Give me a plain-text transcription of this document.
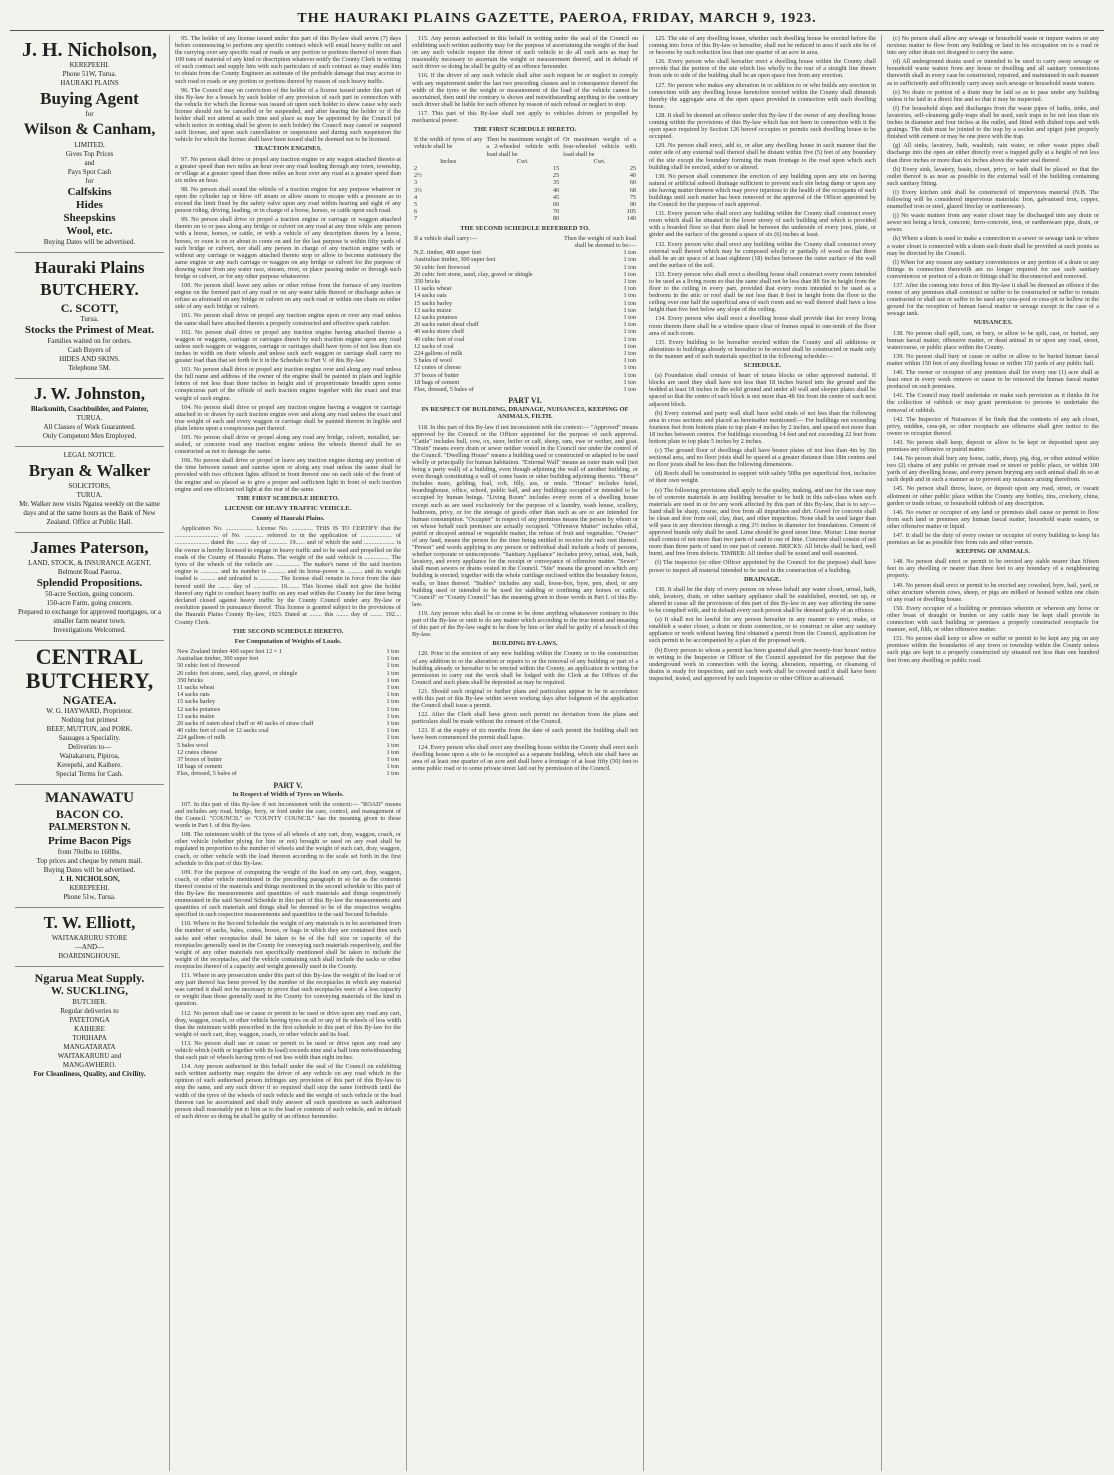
THE HAURAKI PLAINS GAZETTE, PAEROA, FRIDAY, MARCH 9, 1923.
J. H. Nicholson,
KEREPEEHI.
Phone 51W, Turua.
HAURAKI PLAINS
Buying Agent
for
Wilson & Canham,
LIMITED,
Gives Top Prices
and
Pays Spot Cash
for
Calfskins
Hides
Sheepskins
Wool, etc.
Buying Dates will be advertised.
Hauraki Plains
BUTCHERY.
C. SCOTT,
Turua.
Stocks the Primest of Meat.
Families waited on for orders.
Cash Buyers of
HIDES AND SKINS.
Telephone 5M.
J. W. Johnston,
Blacksmith, Coachbuilder, and Painter,
TURUA.
All Classes of Work Guaranteed.
Only Competent Men Employed.
LEGAL NOTICE.
Bryan & Walker
SOLICITORS,
TURUA.
Mr. Walker now visits Ngatea weekly on the same days and at the same hours as the Bank of New Zealand. Office at Public Hall.
James Paterson,
LAND, STOCK, & INSURANCE AGENT,
Belmont Road Paeroa.
Splendid Propositions.
50-acre Section, going concern.
150-acre Farm, going concern.
Prepared to exchange for approved mortgages, or a smaller farm nearer town.
Investigations Welcomed.
CENTRAL
BUTCHERY,
NGATEA.
W. G. HAYWARD, Proprietor.
Nothing but primest
BEEF, MUTTON, and PORK.
Sausages a Speciality.
Deliveries to—
Waitakaruru, Pipiroa,
Kerepehi, and Kaihere.
Special Terms for Cash.
MANAWATU
BACON CO.
PALMERSTON N.
Prime Bacon Pigs
from 70olbs to 160lbs.
Top prices and cheque by return mail.
Buying Dates will be advertised.
J. H. NICHOLSON,
KEREPEEHI.
Phone 51w, Turua.
T. W. Elliott,
WAITAKARURU STORE
—AND—
BOARDINGHOUSE.
Ngarua Meat Supply.
W. SUCKLING,
BUTCHER.
Regular deliveries to
PATETONGA
KAIHERE
TORIHAPA
MANGATARATA
WAITAKARURU and
MANGAWHERO.
For Cleanliness, Quality, and Civility.

95. The holder of any license issued under this part of this By-law shall seven (7) days before commencing to perform any specific contract which will entail heavy traffic on and the carrying over any specific road or roads or any portion or portions thereof of more than 100 tons of material of any kind or description whatever notify the County Clerk in writing of such contract and supply him with such particulars of such contract as may enable him to obtain from the County Engineer an estimate of the probable damage that may accrue to such road or roads or any portion or portions thereof by reason of such heavy traffic.

96. The Council may on conviction of the holder of a license issued under this part of this By-law for a breach by such holder of any provision of such part in connection with the vehicle for which the license was issued sit upon such holder to show cause why such license should not be cancelled or be suspended, and after hearing the holder or if the holder shall not attend at such time and place as may be appointed by the Council (of which notice in writing shall be given to such holder) the Council may cancel or suspend such license, and upon such cancellation or suspension and during such suspension the vehicle for which the license shall have been issued shall be deemed not to be licensed.

TRACTION ENGINES.

97. No person shall drive or propel any traction engine or any wagon attached thereto at a greater speed than two miles an hour over any road leading through any town, township, or village at a greater speed than three miles an hour over any road at a greater speed than six miles an hour.

98. No person shall sound the whistle of a traction engine for any purpose whatever or open the cylinder tap or blow off steam or allow steam to escape with a pressure as to exceed the limit fixed by the safety valve upon any road within hearing and sight of any person riding, driving, leading, or in charge of a horse, horses, or cattle upon such road.

99. No person shall drive or propel a traction engine or carriage or waggon attached thereto on to or pass along any bridge or culvert on any road at any time while any person with a horse, horses, or cattle, or with a vehicle of any description drawn by a horse, horses, or oxen is on or about to come on and for the last purpose is within fifty yards of such bridge or culvert, nor shall any person in charge of any traction engine with or without any carriage or waggon attached thereto stop or allow to become stationary the same engine or any such carriage or waggon on any bridge or culvert for the purpose of drawing water from any water race, stream, river, or place passing under or through such bridge or culvert, or for any other purpose whatsoever.

100. No person shall leave any ashes or other refuse from the furnace of any traction engine on the formed part of any road or on any water table thereof or discharge ashes or refuse as aforesaid on any bridge or culvert on any such road or within one chain on either side of any such bridge or culvert.

101. No person shall drive or propel any traction engine upon or over any road unless the same shall have attached thereto a properly constructed and effective spark catcher.

102. No person shall drive or propel any traction engine having attached thereto a waggon or waggons, carriage or carriages drawn by such traction engine upon any road unless such waggon or waggons, carriage or carriages shall have tyres of not less than six inches in width on their wheels and unless such such waggon or carriage shall carry no greater load than that set forth for it in the Schedule to Part V. of this By-law.

103. No person shall drive or propel any traction engine over and along any road unless the full name and address of the owner of the engine shall be painted in plain and legible letters of not less than three inches in height and of proportionate breadth upon some conspicuous part of the offside of such traction engine together with the exact and true weight of such engine.

104. No person shall drive or propel any traction engine having a waggon or carriage attached to or drawn by such traction engine over and along any road unless the exact and true weight of each and every waggon or carriage shall be painted thereon in legible and plain letters upon a conspicuous part thereof.

105. No person shall drive or propel along any road any bridge, culvert, metalled, tar-sealed, or concrete road any traction engine unless the wheels thereof shall be so constructed as not to damage the same.

106. No person shall drive or propel or leave any traction engine during any portion of the time between sunset and sunrise upon or along any road unless the same shall be provided with two efficient lights affixed in front thereof one on each side of the front of the engine and so placed as to give a proper and sufficient light in front of such traction engine and one efficient red light at the rear of the same.

THE FIRST SCHEDULE HERETO.
LICENSE OF HEAVY TRAFFIC VEHICLE.
County of Hauraki Plains.

Application No. .................. License No. .............. THIS IS TO CERTIFY that the ............................ of No. ............ referred to in the application of .................... of ...................... dated the ........ day of ............ 19...... and of which the said .................... is the owner is hereby licensed to engage in heavy traffic and to be used and propelled on the roads of the County of Hauraki Plains. The weight of the said vehicle is ................ The tyres of the wheels of the vehicle are ................ The maker's name of the said traction engine is ............ and its number is ........... and its horse-power is .......... and its weight loaded is .......... and unloaded is ............ The license shall remain in force from the date hereof until the ........ day of ................ 19........ This license shall not give the holder thereof any right to conduct heavy traffic on any road within the County for the time being declared closed against heavy traffic by the County Council under any By-law or resolution passed in pursuance thereof. This license is granted subject to the provisions of the Hauraki Plains County By-law, 1923. Dated at ........ this ........ day of ........ 192.... County Clerk.

THE SECOND SCHEDULE HERETO.
For Computation of Weights of Loads.
New Zealand timber 400 super feet 12 × 1	1 ton
Australian timber, 300 super feet	1 ton
50 cubic feet of firewood	1 ton
20 cubic feet stone, sand, clay, gravel, or shingle	1 ton
350 bricks	1 ton
11 sacks wheat	1 ton
14 sacks oats	1 ton
15 sacks barley	1 ton
12 sacks potatoes	1 ton
13 sacks maize	1 ton
20 sacks of oaten sheaf chaff or 40 sacks of straw chaff	1 ton
40 cubic feet of coal or 12 sacks coal	1 ton
224 gallons of milk	1 ton
5 bales wool	1 ton
12 crates cheese	1 ton
37 boxes of butter	1 ton
18 bags of cement	1 ton
Flax, dressed, 5 bales of	1 ton
PART V.
In Respect of Width of Tyres on Wheels.

107. In this part of this By-law if not inconsistent with the context:— "ROAD" means and includes any road, bridge, ferry, or ford under the care, control, and management of the Council. "COUNCIL" or "COUNTY COUNCIL" has the meaning given to these words in Part I. of this By-law.

108. The minimum width of the tyres of all wheels of any cart, dray, waggon, coach, or other vehicle (whether plying for hire or not) brought or used on any road shall be regulated in proportion to the number of wheels and the weight of such cart, dray, waggon, coach, or other vehicle with the load thereon according to the scale set forth in the first schedule to this part of this By-law.

109. For the purpose of computing the weight of the load on any cart, dray, waggon, coach, or other vehicle mentioned in the preceding paragraph in so far as the contents thereof consist of the materials and things mentioned in the second schedule to this part of this By-law the measurements and quantities of such materials and things respectively enumerated in the said Second Schedule in this part of this By-law the measurements and quantities of such materials and things shall be deemed to be of the respective weights specified in such respective measurements and quantities in the said Second Schedule.

110. Where in the Second Schedule the weight of any materials is to be ascertained from the number of sacks, bales, crates, boxes, or bags in which they are contained then such sacks and other receptacles shall be taken to be of the full size or capacity of the receptacles generally used in the County for conveying such materials respectively, and the weight of any other materials not specifically mentioned shall be taken to include the weight of the receptacles, and the vehicle containing such shall include the sacks or other receptacles thereof of a capacity and weight generally used in the County.

111. Where in any prosecution under this part of this By-law the weight of the load or of any part thereof has been proved by the number of the receptacles in which any material was carried it shall not be necessary to prove that such receptacles were of a less capacity or weight than those generally used in the County for conveying materials of the kind in question.

112. No person shall use or cause or permit to be used or drive upon any road any cart, dray, waggon, coach, or other vehicle having tyres on all or any of its wheels of less width than the minimum width prescribed in the first schedule to this part of this By-law for the weight of such cart, dray, waggon, coach, or other vehicle and its load.

113. No person shall use or cause or permit to be used or drive upon any road any vehicle which (with or together with its load) exceeds nine and a half tons notwithstanding that each pair of wheels having tyres of not less width than eight inches.

114. Any person authorised in this behalf under the seal of the Council on exhibiting such written authority may require the driver of any vehicle on any road which in the opinion of such authorised person infringes any provision of this part of this By-law to stop the same, and any such driver if so required shall stop the same forthwith until the width of the tyres of the wheels of such vehicle and the weight of such vehicle or the load thereon can be ascertained and shall truly answer all such questions as such authorised person shall reasonably put to him as to the load or contents of such vehicle, and in default of such driver so doing he shall be guilty of an offence hereunder.

115. Any person authorised in this behalf in writing under the seal of the Council on exhibiting such written authority may for the purpose of ascertaining the weight of the load on any such vehicle require the driver of such vehicle to do all such acts as may be reasonably necessary to ascertain the weight or measurement thereof, and in default of such driver so doing he shall be guilty of an offence hereunder.

116. If the driver of any such vehicle shall after such request be or neglect to comply with any requirement under the last two preceding clauses and in consequence thereof the width of the tyres or the weight or measurement of the load of the vehicle cannot be ascertained, then until the contrary is shown and notwithstanding anything to the contrary such driver shall be liable for such offence by reason of such refusal or neglect to stop.

117. This part of this By-law shall not apply to vehicles driven or propelled by mechanical power.

THE FIRST SCHEDULE HERETO.
If the width of tyres of any vehicle shall be	Then be maximum weight of a 2-wheeled vehicle with load shall be	Or maximum weight of a four-wheeled vehicle with load shall be
Inches	Cwt.	Cwt.
2	15	25
2½	25	40
3	35	60
3½	40	68
4	45	75
5	60	90
6	70	105
7	80	140
THE SECOND SCHEDULE REFERRED TO.
If a vehicle shall carry:—	Then the weight of such load shall be deemed to be:—
N.Z. timber, 400 super feet	1 ton
Australian timber, 300 super feet	1 ton
50 cubic feet firewood	1 ton
20 cubic feet stone, sand, clay, gravel or shingle	1 ton
350 bricks	1 ton
11 sacks wheat	1 ton
14 sacks oats	1 ton
15 sacks barley	1 ton
13 sacks maize	1 ton
12 sacks potatoes	1 ton
20 sacks oaten sheaf chaff	1 ton
40 sacks straw chaff	1 ton
40 cubic feet of coal	1 ton
12 sacks of coal	1 ton
224 gallons of milk	1 ton
5 bales of wool	1 ton
12 crates of cheese	1 ton
37 boxes of butter	1 ton
18 bags of cement	1 ton
Flax, dressed, 5 bales of	1 ton
PART VI.
IN RESPECT OF BUILDING, DRAINAGE, NUISANCES, KEEPING OF ANIMALS, FILTH.

118. In this part of this By-law if not inconsistent with the context:— "Approved" means approved by the Council or the Officer appointed for the purpose of such approval. "Cattle" includes bull, cow, ox, steer, heifer or calf, sheep, ram, ewe or wether, and goat. "Drain" means every drain or sewer neither vested in the Council nor under the control of the Council. "Dwelling House" means a building used or constructed or adapted to be used wholly or principally for human habitation. "External Wall" means an outer main wall (not being a party wall) of a building, even though adjoining the wall of another building, or even though constituting a wall of some basin or other building adjoining thereto. "Horse" includes mare, gelding, foal, colt, filly, ass, or mule. "House" includes hotel, boardinghouse, office, school, public hall, and any buildings occupied or intended to be occupied by human beings. "Living Room" includes every room of a dwelling house except such as are used exclusively for the purpose of a laundry, wash house, scullery, bathroom, privy, or for the storage of goods other than such as are or are intended for human consumption. "Occupier" in respect of any premises means the person by whom or on whose behalf such premises are actually occupied. "Offensive Matter" includes offal, putrid or decayed animal or vegetable matter, the refuse of fruit and vegetables. "Owner" of any land, means the person for the time being entitled to receive the rack rent thereof. "Person" and words applying to any person or individual shall include a body of persons, whether corporate or unincorporate. "Sanitary Appliance" includes privy, urinal, sink, bath, lavatory, and every appliance for the receipt or conveyance of offensive matter. "Sewer" shall mean sewers or drains vested in the Council. "Site" means the ground on which any building is erected, together with the whole curtilage enclosed within the boundary fences, walls, or lines thereof. "Stables" includes any stall, loose-box, byre, pen, shed, or any building used or intended to be used for stabling or confining any horses or cattle. "Council" or "County Council" has the meaning given to those words in Part I. of this By-law.

119. Any person who shall be or come to be done anything whatsoever contrary to this part of the By-law or omit to do any matter which according to the true intent and meaning of this part of the By-law ought to be done by him or her shall be guilty of a breach of this By-law.

BUILDING BY-LAWS.

120. Prior to the erection of any new building within the County or to the construction of any addition to or the alteration or repairs to or the removal of any building or part of a building already or hereafter to be erected within the County, an application in writing for permission to carry out the work shall be lodged with the Clerk at the Offices of the Council and such plans shall be deposited as may be required.

121. Should such original or further plans and particulars appear to be in accordance with this part of this By-law within seven working days after lodgment of the application the Council shall issue a permit.

122. After the Clerk shall have given such permit no deviation from the plans and particulars shall be made without the consent of the Council.

123. If at the expiry of six months from the date of such permit the building shall not have been commenced the permit shall lapse.

124. Every person who shall erect any dwelling house within the County shall erect such dwelling house upon a site to be occupied as a separate building, which site shall have an area of at least one quarter of an acre and shall have a frontage of at least fifty (50) feet to some public road or to some private street laid out by permission of the Council.

125. The site of any dwelling house, whether such dwelling house be erected before the coming into force of this By-law or hereafter, shall not be reduced in area if such site be of or become by such reduction less than one quarter of an acre in area.

126. Every person who shall hereafter erect a dwelling house within the County shall provide that the portion of the site which lies wholly to the rear of a straight line drawn from side to side of the building shall be an open space free from any erection.

127. No person who makes any alteration in or addition to or who builds any erection in connection with any dwelling house heretofore erected within the County shall diminish thereby the aggregate area of the open space provided in connection with such dwelling house.

128. It shall be deemed an offence under this By-law if the owner of any dwelling house coming within the provisions of this By-law which has not been in connection with it the open space required by Section 126 hereof occupies or permits such dwelling house to be occupied.

129. No person shall erect, add to, or alter any dwelling house in such manner that the outer side of any external wall thereof shall be distant within five (5) feet of any boundary of the site except the boundary forming the main frontage to the road upon which such building shall be erected, sided to or altered.

130. No person shall commence the erection of any building upon any site on having natural or artificial subsoil drainage sufficient to prevent such site being damp or upon any site having matter thereon which may prove injurious to the health of the occupants of such buildings until such matter has been removed or the approval of the Officer appointed by the Council for the purpose of such approval.

131. Every person who shall erect any building within the County shall construct every room which shall be situated in the lower storey of such building and which is provided with a boarded floor so that there shall be between the underside of every joist, plate, or girder and the surface of the ground a space of six (6) inches at least.

132. Every person who shall erect any building within the County shall construct every external wall thereof which may be composed wholly or partially of wood so that there shall be an air space of at least eighteen (18) inches between the outer surface of the wall and the surface of the soil.

133. Every person who shall erect a dwelling house shall construct every room intended to be used as a living room so that the same shall not be less than 8ft 6in in height from the floor to the ceiling in every part, provided that every room intended to be used as a bedroom in the attic or roof shall be not less than 8 feet in height from the floor to the ceiling over one half the superficial area of such room and no wall thereof shall have a less height than five feet below any slope of the ceiling.

134. Every person who shall erect a dwelling house shall provide that for every living room therein there shall be a window space clear of frames equal to one-tenth of the floor area of such room.

135. Every building to be hereafter erected within the County and all additions or alterations to buildings already or hereafter to be erected shall be constructed or made only in the manner and of such materials specified in the following schedule:—

SCHEDULE.

(a) Foundation shall consist of heart of totara blocks or other approved material. If blocks are used they shall have not less than 18 inches buried into the ground and the bedded at least 18 inches in the solid ground and under all wall and sleeper plates shall be spaced so that the centre of each block is not more than 4ft 6in from the centre of each next adjacent block.

(b) Every external and party wall shall have solid studs of not less than the following area in cross sections and placed as hereinafter mentioned:— For buildings not exceeding fourteen feet from bottom plate to top plate 4 inches by 2 inches, and spaced not more than 18 inches between centres. For buildings exceeding 14 feet and not exceeding 22 feet from bottom plate to top plate 5 inches by 2 inches.

(c) The ground floor of dwellings shall have bearer plates of not less than 4in by 3in sectional area, and no floor joists shall be spaced at a greater distance than 18in centres and no floor joists shall be less than the following dimensions.

(d) Roofs shall be constructed to support with safety 50lbs per superficial foot, inclusive of their own weight.

(e) The following provisions shall apply to the quality, making, and use for the case may be of concrete materials in any building hereafter to be built in this sub-class when such materials are used in or for any work affected by this part of this By-law, that is to say:— Sand shall be sharp, coarse, and free from all impurities and dirt. Gravel for concrete shall be clean and free from soil, clay, dust, and other impurities. None shall be used larger than will pass in any direction through a ring 2½ inches in diameter for foundations. Cement of approved brands only shall be used. Lime should be good stone lime. Mortar: Lime mortar shall consist of not more than two parts of sand to one of lime. Concrete shall consist of not more than three parts of sand to one part of cement. BRICKS: All bricks shall be hard, well burnt, and free from defects. TIMBER: All timber shall be sound and well seasoned.

(f) The inspector (or other Officer appointed by the Council for the purpose) shall have power to inspect all material intended to be used in the construction of a building.

DRAINAGE.

136. It shall be the duty of every person on whose behalf any water closet, urinal, bath, sink, lavatory, drain, or other sanitary appliance shall be established, erected, set up, or altered to cause all the provisions of this part of this By-law in any way affecting the same to be complied with, and in default every such person shall be deemed guilty of an offence.

(a) It shall not be lawful for any person hereafter in any manner to erect, make, or establish a water closet, a drain or drain connection, or to construct or alter any sanitary appliance or work without having first obtained a permit from the Council, application for such permit to be accompanied by a plan of the proposed work.

(b) Every person to whom a permit has been granted shall give twenty-four hours' notice in writing to the Inspector or Officer of the Council appointed for the purpose that the underground work in connection with the laying, alteration, repairing, or cleansing of drains is ready for inspection, and no such work shall be covered until it shall have been inspected, tested, and approved by such Inspector or other Officer as aforesaid.

(c) No person shall allow any sewage or household waste or impure waters or any noxious matter to flow from any building or land in his occupation on to a road or into any other drain not designed to carry the same.

(d) All underground drains used or intended to be used to carry away sewage or household waste waters from any house or dwelling and all sanitary connections therewith shall in every case be constructed, repaired, and maintained in such manner as to sufficiently and efficiently carry away such sewage or household waste waters.

(e) No drain or portion of a drain may be laid so as to pass under any building unless it be laid in a direct line and so that it may be inspected.

(f) For household slops and discharges from the waste pipes of baths, sinks, and lavatories, self-cleansing gully-traps shall be used, such traps to be not less than six inches in diameter and four inches at the outlet, and fitted with dished tops and with gratings. The dish must be jointed to the trap by a socket and spigot joint properly finished with cement or may be one piece with the trap.

(g) All sinks, lavatory, bath, washtub, rain water, or other waste pipes shall discharge into the open air either directly over a trapped gully at a height of not less than three inches or more than six inches above the water seal thereof.

(h) Every sink, lavatory, basin, closet, privy, or bath shall be placed so that the outlet thereof is as near as possible to the external wall of the building containing such sanitary fitting.

(i) Every kitchen sink shall be constructed of impervious material (N.B. The following will be considered impervious materials: Iron, galvanised iron, copper, enamelled iron or steel, glazed fireclay or earthenware).

(j) No waste matters from any water closet may be discharged into any drain or sewer not being a brick, concrete, ferro-concrete, iron, or earthenware pipe, drain, or sewer.

(k) Where a drain is used to make a connection to a sewer or sewage tank or where a water closet is connected with a drain such drain shall be provided at such points as may be directed by the Council.

(l) When for any reason any sanitary conveniences or any portion of a drain or any fittings in connection therewith are no longer required for use such sanitary conveniences or portion of a drain or fittings shall be disconnected and removed.

137. After the coming into force of this By-law it shall be deemed an offence if the owner of any premises shall construct or suffer to be constructed or suffer to remain constructed or shall use or suffer to be used any cess-pool or cess-pit or hollow in the ground for the reception of human faecal matter or sewage except in the case of a sewage tank.

NUISANCES.

138. No person shall spill, cast, or bury, or allow to be spilt, cast, or buried, any human faecal matter, offensive matter, or dead animal in or upon any road, street, watercourse, or public place within the County.

139. No person shall bury or cause or suffer or allow to be buried human faecal matter within 150 feet of any dwelling house or within 150 yards of any public hall.

140. The owner or occupier of any premises shall for every one (1) acre shall at least once in every week remove or cause to be removed the human faecal matter produced on such premises.

141. The Council may itself undertake or make such provision as it thinks fit for the collection of rubbish or may grant permission to persons to undertake the removal of rubbish.

142. The Inspector of Nuisances if he finds that the contents of any ash closet, privy, midden, cess-pit, or other receptacle are offensive shall give notice to the owner or occupier thereof.

143. No person shall keep, deposit or allow to be kept or deposited upon any premises any offensive or putrid matter.

144. No person shall bury any horse, cattle, sheep, pig, dog, or other animal within two (2) chains of any public or private road or street or public place, or within 100 yards of any dwelling house, and every person burying any such animal shall do so at such depth and in such a manner as to prevent any nuisance arising therefrom.

145. No person shall throw, leave, or deposit upon any road, street, or vacant allotment or other public place within the County any bottles, tins, crockery, china, garden or trade refuse, or household rubbish of any description.

146. No owner or occupier of any land or premises shall cause or permit to flow from such land or premises any human faecal matter, household waste waters, or other offensive matter or liquid.

147. It shall be the duty of every owner or occupier of every building to keep his premises as far as possible free from rats and other vermin.

KEEPING OF ANIMALS.

148. No person shall erect or permit to be erected any stable nearer than fifteen feet to any dwelling or nearer than three feet to any boundary of a neighbouring property.

149. No person shall erect or permit to be erected any cowshed, byre, bail, yard, or other structure wherein cows, sheep, or pigs are milked or housed within one chain of any road or dwelling house.

150. Every occupier of a building or premises wherein or whereon any horse or other beast of draught or burden or any cattle may be kept shall provide in connection with such building or premises a properly constructed receptacle for manure, soil, filth, or other offensive matter.

151. No person shall keep or allow or suffer or permit to be kept any pig on any premises within the boundaries of any town or township within the County unless such pigs are kept in a properly constructed sty situated not less than one hundred feet from any dwelling or public road.
